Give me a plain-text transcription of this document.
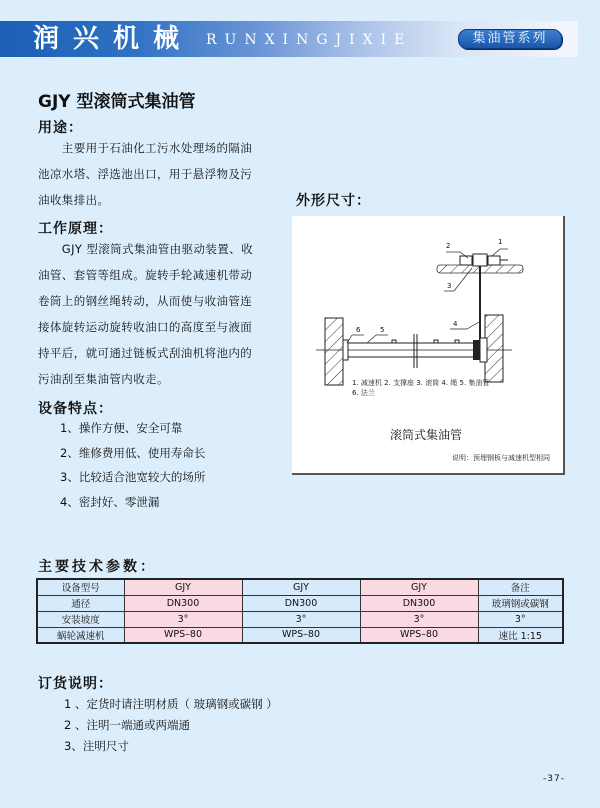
润兴机械 RUNXINGJIXIE	集油管系列
GJY 型滚筒式集油管
用途：
　　主要用于石油化工污水处理场的隔油池凉水塔、浮选池出口，用于悬浮物及污油收集排出。
工作原理：
　　GJY 型滚筒式集油管由驱动装置、收油管、套管等组成。旋转手轮减速机带动卷筒上的钢丝绳转动，从而使与收油管连接体旋转运动旋转收油口的高度至与液面持平后，就可通过链板式刮油机将池内的污油刮至集油管内收走。
设备特点：
1、操作方便、安全可靠
2、维修费用低、使用寿命长
3、比较适合池宽较大的场所
4、密封好、零泄漏
外形尺寸：
1
2
3
4
5
6
1. 减速机 2. 支撑座 3. 滚筒 4. 绳 5. 集油管
6. 法兰
滚筒式集油管
说明：预埋钢板与减速机型相同
主要技术参数：
设备型号	GJY	GJY	GJY	备注
通径	DN300	DN300	DN300	玻璃钢或碳钢
安装坡度	3°	3°	3°	3°
蜗轮减速机	WPS–80	WPS–80	WPS–80	速比 1:15
订货说明：
1 、定货时请注明材质（ 玻璃钢或碳钢 ）
2 、注明一端通或两端通
3、注明尺寸
-37-
